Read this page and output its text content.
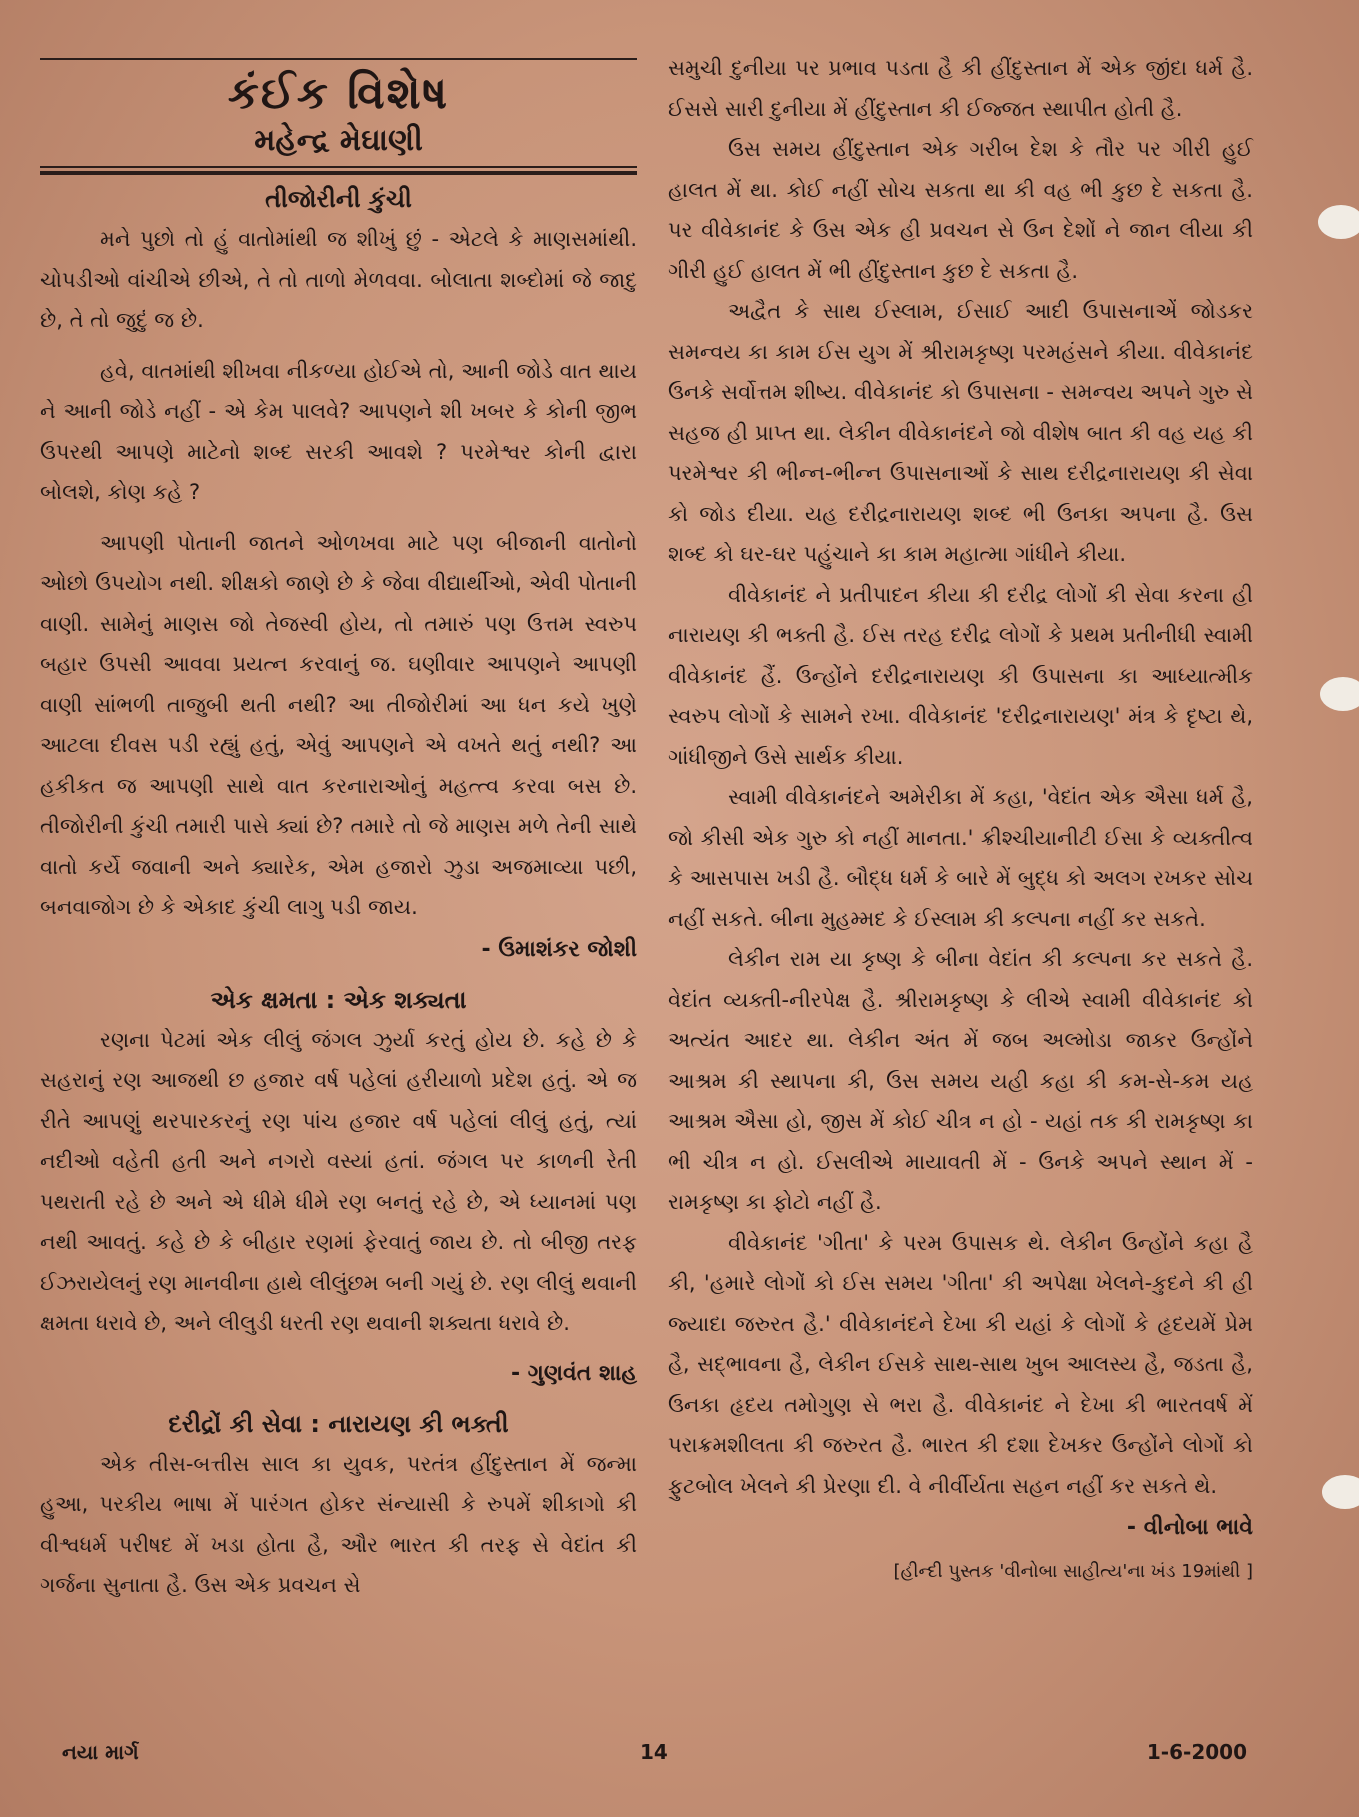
કંઈક વિશેષ
મહેન્દ્ર મેઘાણી
તીજોરીની કુંચી

મને પુછો તો હું વાતોમાંથી જ શીખું છું - એટલે કે માણસમાંથી. ચોપડીઓ વાંચીએ છીએ, તે તો તાળો મેળવવા. બોલાતા શબ્દોમાં જે જાદુ છે, તે તો જુદું જ છે.

હવે, વાતમાંથી શીખવા નીકળ્યા હોઈએ તો, આની જોડે વાત થાય ને આની જોડે નહીં - એ કેમ પાલવે? આપણને શી ખબર કે કોની જીભ ઉપરથી આપણે માટેનો શબ્દ સરકી આવશે ? પરમેશ્વર કોની દ્વારા બોલશે, કોણ કહે ?

આપણી પોતાની જાતને ઓળખવા માટે પણ બીજાની વાતોનો ઓછો ઉપયોગ નથી. શીક્ષકો જાણે છે કે જેવા વીદ્યાર્થીઓ, એવી પોતાની વાણી. સામેનું માણસ જો તેજસ્વી હોય, તો તમારું પણ ઉત્તમ સ્વરુપ બહાર ઉપસી આવવા પ્રયત્ન કરવાનું જ. ઘણીવાર આપણને આપણી વાણી સાંભળી તાજુબી થતી નથી? આ તીજોરીમાં આ ધન કયે ખુણે આટલા દીવસ પડી રહ્યું હતું, એવું આપણને એ વખતે થતું નથી? આ હકીકત જ આપણી સાથે વાત કરનારાઓનું મહત્ત્વ કરવા બસ છે. તીજોરીની કુંચી તમારી પાસે ક્યાં છે? તમારે તો જે માણસ મળે તેની સાથે વાતો કર્યે જવાની અને ક્યારેક, એમ હજારો ઝુડા અજમાવ્યા પછી, બનવાજોગ છે કે એકાદ કુંચી લાગુ પડી જાય.

- ઉમાશંકર જોશી
એક ક્ષમતા : એક શક્યતા

રણના પેટમાં એક લીલું જંગલ ઝુર્યા કરતું હોય છે. કહે છે કે સહરાનું રણ આજથી છ હજાર વર્ષ પહેલાં હરીયાળો પ્રદેશ હતું. એ જ રીતે આપણું થરપારકરનું રણ પાંચ હજાર વર્ષ પહેલાં લીલું હતું, ત્યાં નદીઓ વહેતી હતી અને નગરો વસ્યાં હતાં. જંગલ પર કાળની રેતી પથરાતી રહે છે અને એ ધીમે ધીમે રણ બનતું રહે છે, એ ધ્યાનમાં પણ નથી આવતું. કહે છે કે બીહાર રણમાં ફેરવાતું જાય છે. તો બીજી તરફ ઈઝરાયેલનું રણ માનવીના હાથે લીલુંછમ બની ગયું છે. રણ લીલું થવાની ક્ષમતા ધરાવે છે, અને લીલુડી ધરતી રણ થવાની શક્યતા ધરાવે છે.

- ગુણવંત શાહ
દરીદ્રોં કી સેવા : નારાયણ કી ભક્તી

એક તીસ-બત્તીસ સાલ કા યુવક, પરતંત્ર હીંદુસ્તાન મેં જન્મા હુઆ, પરકીય ભાષા મેં પારંગત હોકર સંન્યાસી કે રુપમેં શીકાગો કી વીશ્વધર્મ પરીષદ મેં ખડા હોતા હૈ, ઔર ભારત કી તરફ સે વેદાંત કી ગર્જના સુનાતા હૈ. ઉસ એક પ્રવચન સે

સમુચી દુનીયા પર પ્રભાવ પડતા હૈ કી હીંદુસ્તાન મેં એક જીંદા ધર્મ હૈ. ઈસસે સારી દુનીયા મેં હીંદુસ્તાન કી ઈજ્જત સ્થાપીત હોતી હૈ.

ઉસ સમય હીંદુસ્તાન એક ગરીબ દેશ કે તૌર પર ગીરી હુઈ હાલત મેં થા. કોઈ નહીં સોચ સકતા થા કી વહ ભી કુછ દે સકતા હૈ. પર વીવેકાનંદ કે ઉસ એક હી પ્રવચન સે ઉન દેશોં ને જાન લીયા કી ગીરી હુઈ હાલત મેં ભી હીંદુસ્તાન કુછ દે સકતા હૈ.

અદ્વૈત કે સાથ ઈસ્લામ, ઈસાઈ આદી ઉપાસનાએં જોડકર સમન્વય કા કામ ઈસ યુગ મેં શ્રીરામકૃષ્ણ પરમહંસને કીયા. વીવેકાનંદ ઉનકે સર્વોત્તમ શીષ્ય. વીવેકાનંદ કો ઉપાસના - સમન્વય અપને ગુરુ સે સહજ હી પ્રાપ્ત થા. લેકીન વીવેકાનંદને જો વીશેષ બાત કી વહ યહ કી પરમેશ્વર કી ભીન્ન-ભીન્ન ઉપાસનાઓં કે સાથ દરીદ્રનારાયણ કી સેવા કો જોડ દીયા. યહ દરીદ્રનારાયણ શબ્દ ભી ઉનકા અપના હૈ. ઉસ શબ્દ કો ઘર-ઘર પહુંચાને કા કામ મહાત્મા ગાંધીને કીયા.

વીવેકાનંદ ને પ્રતીપાદન કીયા કી દરીદ્ર લોગોં કી સેવા કરના હી નારાયણ કી ભક્તી હૈ. ઈસ તરહ દરીદ્ર લોગોં કે પ્રથમ પ્રતીનીધી સ્વામી વીવેકાનંદ હૈં. ઉન્હોંને દરીદ્રનારાયણ કી ઉપાસના કા આધ્યાત્મીક સ્વરુપ લોગોં કે સામને રખા. વીવેકાનંદ 'દરીદ્રનારાયણ' મંત્ર કે દૃષ્ટા થે, ગાંધીજીને ઉસે સાર્થક કીયા.

સ્વામી વીવેકાનંદને અમેરીકા મેં કહા, 'વેદાંત એક ઐસા ધર્મ હૈ, જો કીસી એક ગુરુ કો નહીં માનતા.' ક્રીશ્ચીયાનીટી ઈસા કે વ્યક્તીત્વ કે આસપાસ ખડી હૈ. બૌદ્ધ ધર્મ કે બારે મેં બુદ્ધ કો અલગ રખકર સોચ નહીં સકતે. બીના મુહમ્મદ કે ઈસ્લામ કી કલ્પના નહીં કર સકતે.

લેકીન રામ યા કૃષ્ણ કે બીના વેદાંત કી કલ્પના કર સકતે હૈ. વેદાંત વ્યક્તી-નીરપેક્ષ હૈ. શ્રીરામકૃષ્ણ કે લીએ સ્વામી વીવેકાનંદ કો અત્યંત આદર થા. લેકીન અંત મેં જબ અલ્મોડા જાકર ઉન્હોંને આશ્રમ કી સ્થાપના કી, ઉસ સમય યહી કહા કી કમ-સે-કમ યહ આશ્રમ ઐસા હો, જીસ મેં કોઈ ચીત્ર ન હો - યહાં તક કી રામકૃષ્ણ કા ભી ચીત્ર ન હો. ઈસલીએ માયાવતી મેં - ઉનકે અપને સ્થાન મેં - રામકૃષ્ણ કા ફોટો નહીં હૈ.

વીવેકાનંદ 'ગીતા' કે પરમ ઉપાસક થે. લેકીન ઉન્હોંને કહા હૈ કી, 'હમારે લોગોં કો ઈસ સમય 'ગીતા' કી અપેક્ષા ખેલને-કુદને કી હી જ્યાદા જરુરત હૈ.' વીવેકાનંદને દેખા કી યહાં કે લોગોં કે હૃદયમેં પ્રેમ હૈ, સદ્ભાવના હૈ, લેકીન ઈસકે સાથ-સાથ ખુબ આલસ્ય હૈ, જડતા હૈ, ઉનકા હૃદય તમોગુણ સે ભરા હૈ. વીવેકાનંદ ને દેખા કી ભારતવર્ષ મેં પરાક્રમશીલતા કી જરુરત હૈ. ભારત કી દશા દેખકર ઉન્હોંને લોગોં કો ફુટબોલ ખેલને કી પ્રેરણા દી. વે નીર્વીર્યતા સહન નહીં કર સકતે થે.

- વીનોબા ભાવે
[હીન્દી પુસ્તક 'વીનોબા સાહીત્ય'ના ખંડ 19માંથી ]
નયા માર્ગ	14	1-6-2000
